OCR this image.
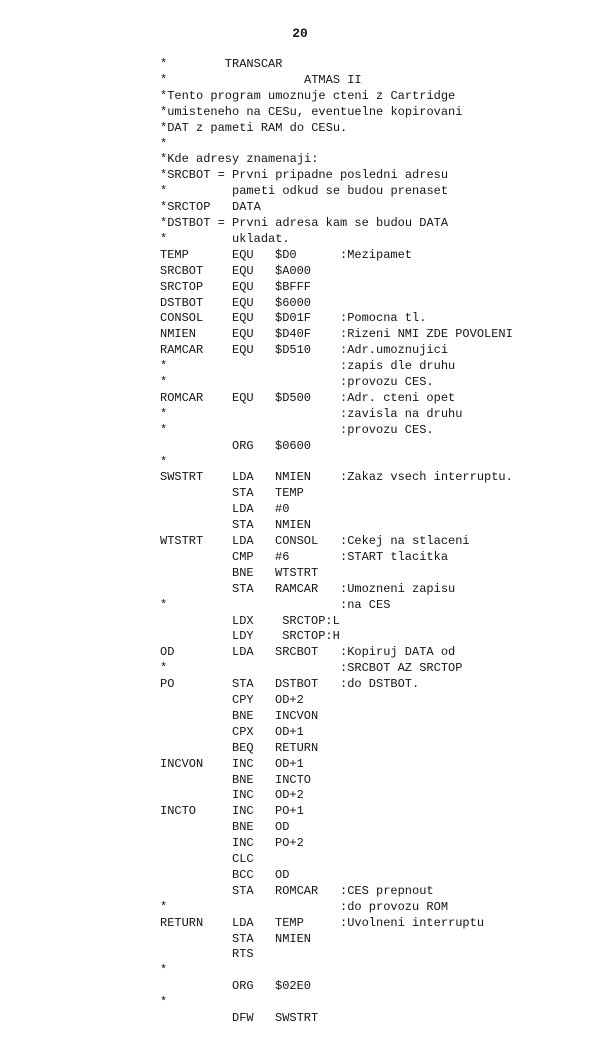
20
*        TRANSCAR
*                   ATMAS II
*Tento program umoznuje cteni z Cartridge
*umisteneho na CESu, eventuelne kopirovani
*DAT z pameti RAM do CESu.
*
*Kde adresy znamenaji:
*SRCBOT = Prvni pripadne posledni adresu
*         pameti odkud se budou prenaset
*SRCTOP   DATA
*DSTBOT = Prvni adresa kam se budou DATA
*         ukladat.
TEMP	EQU $D0	:Mezipamet
SRCBOT EQU $A000
SRCTOP EQU $BFFF
DSTBOT EQU $6000
CONSOL EQU $D01F :Pomocna tl.
NMIEN	EQU $D40F :Rizeni NMI ZDE POVOLENI
RAMCAR EQU $D510 :Adr.umoznujici
*	:zapis dle druhu
*	:provozu CES.
ROMCAR EQU $D500 :Adr. cteni opet
*	:zavisla na druhu
*	:provozu CES.
ORG $0600
*
SWSTRT LDA NMIEN :Zakaz vsech interruptu.
STA TEMP
LDA #0
STA NMIEN
WTSTRT LDA CONSOL :Cekej na stlaceni
CMP #6	:START tlacitka
BNE WTSTRT
STA RAMCAR :Umozneni zapisu
*	:na CES
LDX SRCTOP:L
LDY SRCTOP:H
OD	LDA SRCBOT :Kopiruj DATA od
*	:SRCBOT AZ SRCTOP
PO	STA DSTBOT :do DSTBOT.
CPY OD+2
BNE INCVON
CPX OD+1
BEQ RETURN
INCVON INC OD+1
BNE INCTO
INC OD+2
INCTO	INC PO+1
BNE OD
INC PO+2
CLC
BCC OD
STA ROMCAR :CES prepnout
*	:do provozu ROM
RETURN LDA TEMP	:Uvolneni interruptu
STA NMIEN
RTS
*
ORG $02E0
*
DFW SWSTRT
